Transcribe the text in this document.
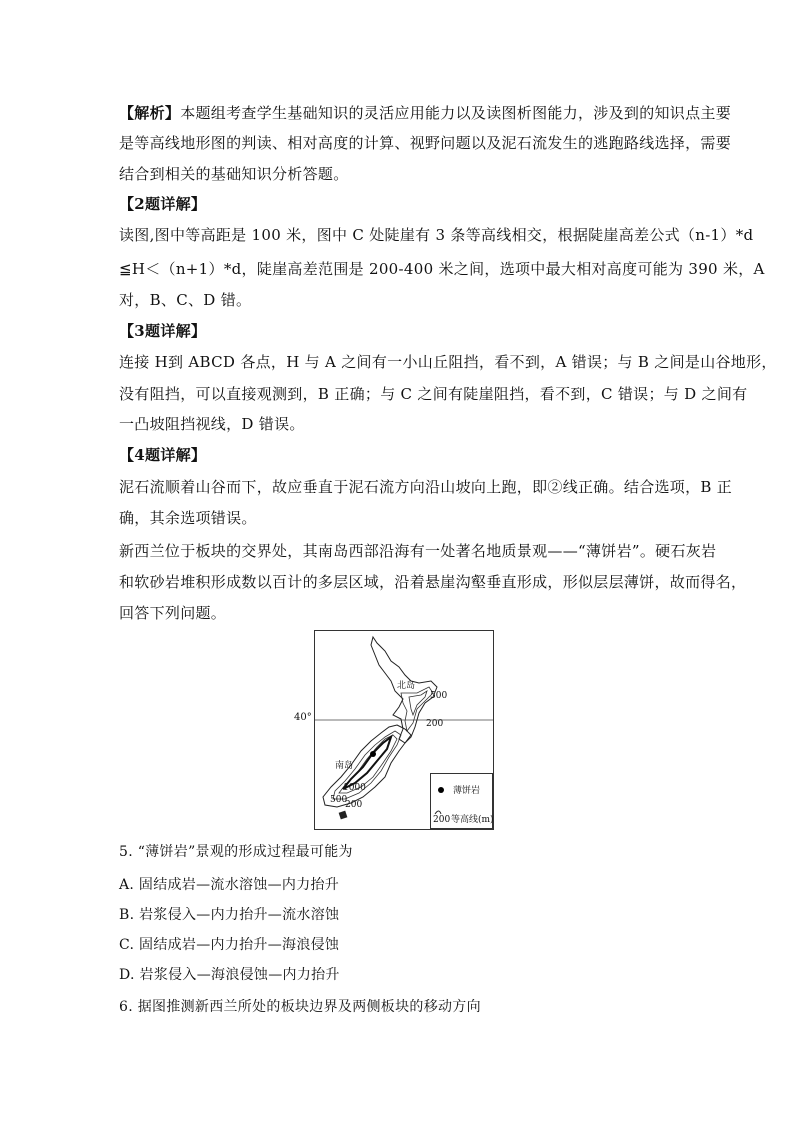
【解析】本题组考查学生基础知识的灵活应用能力以及读图析图能力，涉及到的知识点主要
是等高线地形图的判读、相对高度的计算、视野问题以及泥石流发生的逃跑路线选择，需要
结合到相关的基础知识分析答题。
【2题详解】
读图,图中等高距是 100 米，图中 C 处陡崖有 3 条等高线相交，根据陡崖高差公式（n-1）*d
≦H＜（n+1）*d，陡崖高差范围是 200-400 米之间，选项中最大相对高度可能为 390 米，A
对，B、C、D 错。
【3题详解】
连接 H到 ABCD 各点，H 与 A 之间有一小山丘阻挡，看不到，A 错误；与 B 之间是山谷地形，
没有阻挡，可以直接观测到，B 正确；与 C 之间有陡崖阻挡，看不到，C 错误；与 D 之间有
一凸坡阻挡视线，D 错误。
【4题详解】
泥石流顺着山谷而下，故应垂直于泥石流方向沿山坡向上跑，即②线正确。结合选项，B 正
确，其余选项错误。
新西兰位于板块的交界处，其南岛西部沿海有一处著名地质景观——“薄饼岩”。硬石灰岩
和软砂岩堆积形成数以百计的多层区域，沿着悬崖沟壑垂直形成，形似层层薄饼，故而得名，
回答下列问题。
40°
北岛
500
200
南岛
1000
500
200
薄饼岩
200 等高线(m)
5. “薄饼岩”景观的形成过程最可能为
A. 固结成岩—流水溶蚀—内力抬升
B. 岩浆侵入—内力抬升—流水溶蚀
C. 固结成岩—内力抬升—海浪侵蚀
D. 岩浆侵入—海浪侵蚀—内力抬升
6. 据图推测新西兰所处的板块边界及两侧板块的移动方向
